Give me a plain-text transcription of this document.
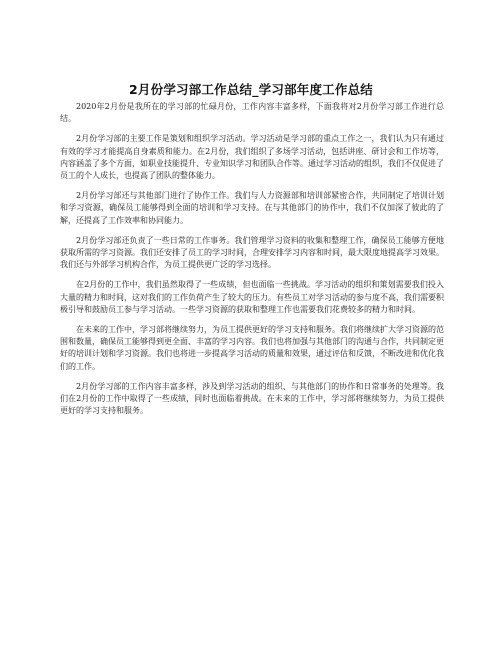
2月份学习部工作总结_学习部年度工作总结

2020年2月份是我所在的学习部的忙碌月份，工作内容丰富多样，下面我将对2月份学习部工作进行总结。

2月份学习部的主要工作是策划和组织学习活动。学习活动是学习部的重点工作之一，我们认为只有通过有效的学习才能提高自身素质和能力。在2月份，我们组织了多场学习活动，包括讲座、研讨会和工作坊等，内容涵盖了多个方面，如职业技能提升、专业知识学习和团队合作等。通过学习活动的组织，我们不仅促进了员工的个人成长，也提高了团队的整体能力。

2月份学习部还与其他部门进行了协作工作。我们与人力资源部和培训部紧密合作，共同制定了培训计划和学习资源，确保员工能够得到全面的培训和学习支持。在与其他部门的协作中，我们不仅加深了彼此的了解，还提高了工作效率和协同能力。

2月份学习部还负责了一些日常的工作事务。我们管理学习资料的收集和整理工作，确保员工能够方便地获取所需的学习资源。我们还安排了员工的学习时间，合理安排学习内容和时间，最大限度地提高学习效果。我们还与外部学习机构合作，为员工提供更广泛的学习选择。

在2月份的工作中，我们虽然取得了一些成绩，但也面临一些挑战。学习活动的组织和策划需要我们投入大量的精力和时间，这对我们的工作负荷产生了较大的压力。有些员工对学习活动的参与度不高，我们需要积极引导和鼓励员工参与学习活动。一些学习资源的获取和整理工作也需要我们花费较多的精力和时间。

在未来的工作中，学习部将继续努力，为员工提供更好的学习支持和服务。我们将继续扩大学习资源的范围和数量，确保员工能够得到更全面、丰富的学习内容。我们也将加强与其他部门的沟通与合作，共同制定更好的培训计划和学习资源。我们也将进一步提高学习活动的质量和效果，通过评估和反馈，不断改进和优化我们的工作。

2月份学习部的工作内容丰富多样，涉及到学习活动的组织、与其他部门的协作和日常事务的处理等。我们在2月份的工作中取得了一些成绩，同时也面临着挑战。在未来的工作中，学习部将继续努力，为员工提供更好的学习支持和服务。
